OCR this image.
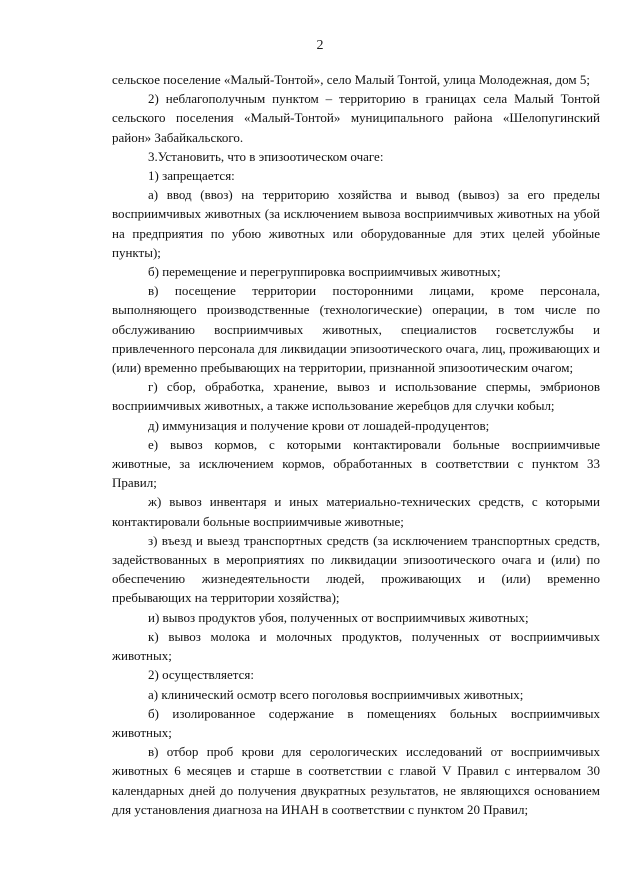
2

сельское поселение «Малый-Тонтой», село Малый Тонтой, улица Молодежная, дом 5;

2) неблагополучным пунктом – территорию в границах села Малый Тонтой сельского поселения «Малый-Тонтой» муниципального района «Шелопугинский район» Забайкальского.

3.Установить, что в эпизоотическом очаге:

1) запрещается:

а) ввод (ввоз) на территорию хозяйства и вывод (вывоз) за его пределы восприимчивых животных (за исключением вывоза восприимчивых животных на убой на предприятия по убою животных или оборудованные для этих целей убойные пункты);

б) перемещение и перегруппировка восприимчивых животных;

в) посещение территории посторонними лицами, кроме персонала, выполняющего производственные (технологические) операции, в том числе по обслуживанию восприимчивых животных, специалистов госветслужбы и привлеченного персонала для ликвидации эпизоотического очага, лиц, проживающих и (или) временно пребывающих на территории, признанной эпизоотическим очагом;

г) сбор, обработка, хранение, вывоз и использование спермы, эмбрионов восприимчивых животных, а также использование жеребцов для случки кобыл;

д) иммунизация и получение крови от лошадей-продуцентов;

е) вывоз кормов, с которыми контактировали больные восприимчивые животные, за исключением кормов, обработанных в соответствии с пунктом 33 Правил;

ж) вывоз инвентаря и иных материально-технических средств, с которыми контактировали больные восприимчивые животные;

з) въезд и выезд транспортных средств (за исключением транспортных средств, задействованных в мероприятиях по ликвидации эпизоотического очага и (или) по обеспечению жизнедеятельности людей, проживающих и (или) временно пребывающих на территории хозяйства);

и) вывоз продуктов убоя, полученных от восприимчивых животных;

к) вывоз молока и молочных продуктов, полученных от восприимчивых животных;

2) осуществляется:

а) клинический осмотр всего поголовья восприимчивых животных;

б) изолированное содержание в помещениях больных восприимчивых животных;

в) отбор проб крови для серологических исследований от восприимчивых животных 6 месяцев и старше в соответствии с главой V Правил с интервалом 30 календарных дней до получения двукратных результатов, не являющихся основанием для установления диагноза на ИНАН в соответствии с пунктом 20 Правил;
